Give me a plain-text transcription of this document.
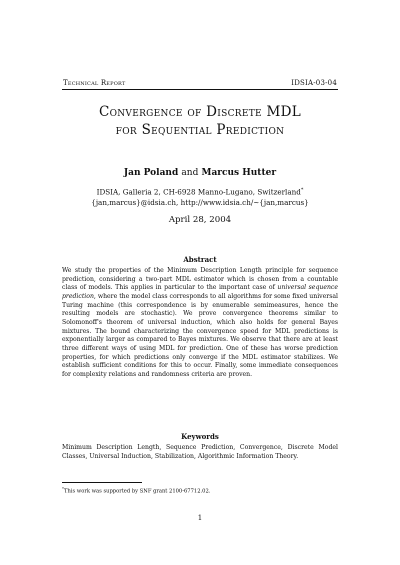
Technical Report	IDSIA-03-04
Convergence of Discrete MDL
for Sequential Prediction
Jan Poland and Marcus Hutter
IDSIA, Galleria 2, CH-6928 Manno-Lugano, Switzerland*
{jan,marcus}@idsia.ch, http://www.idsia.ch/~{jan,marcus}
April 28, 2004
Abstract
We study the properties of the Minimum Description Length principle for sequence prediction, considering a two-part MDL estimator which is chosen from a countable class of models. This applies in particular to the important case of universal sequence prediction, where the model class corresponds to all algorithms for some fixed universal Turing machine (this correspondence is by enumerable semimeasures, hence the resulting models are stochastic). We prove convergence theorems similar to Solomonoff's theorem of universal induction, which also holds for general Bayes mixtures. The bound characterizing the convergence speed for MDL predictions is exponentially larger as compared to Bayes mixtures. We observe that there are at least three different ways of using MDL for prediction. One of these has worse prediction properties, for which predictions only converge if the MDL estimator stabilizes. We establish sufficient conditions for this to occur. Finally, some immediate consequences for complexity relations and randomness criteria are proven.
Keywords
Minimum Description Length, Sequence Prediction, Convergence, Discrete Model Classes, Universal Induction, Stabilization, Algorithmic Information Theory.
*This work was supported by SNF grant 2100-67712.02.
1
